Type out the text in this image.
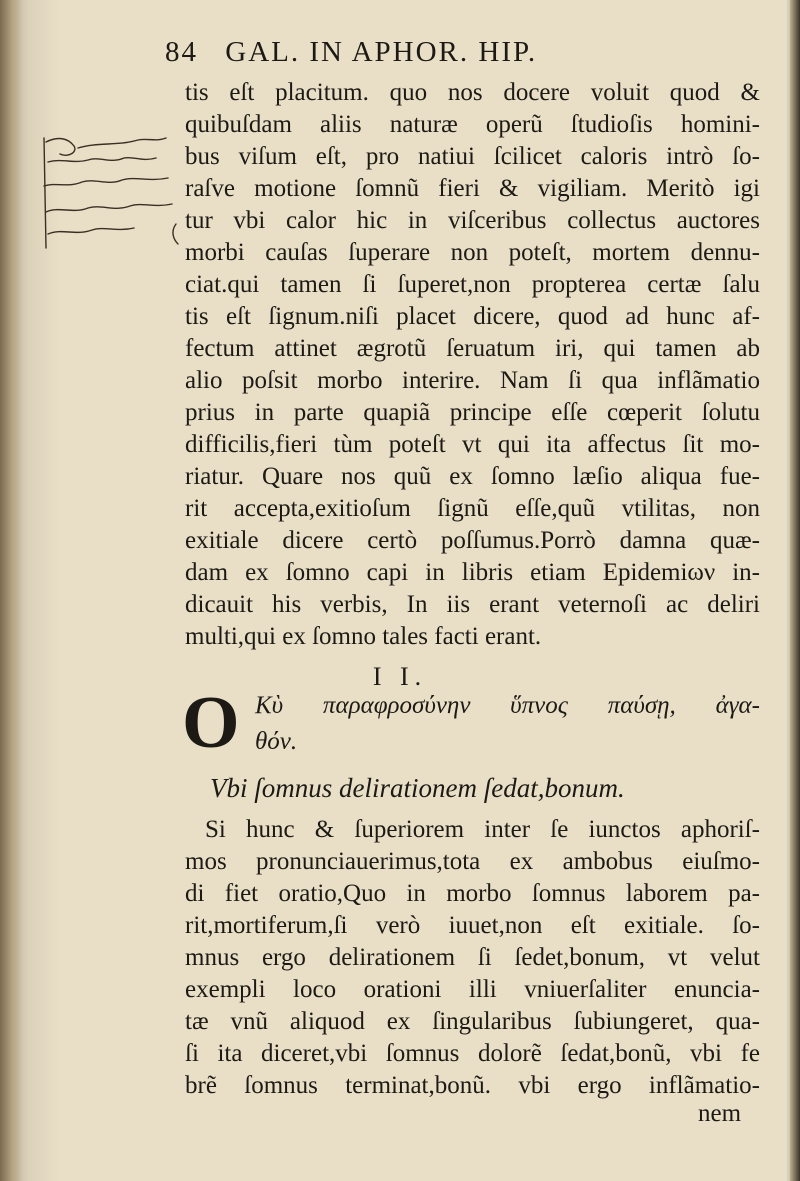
84 GAL. IN APHOR. HIP.
tis eſt placitum. quo nos docere voluit quod &
quibuſdam aliis naturæ operũ ſtudioſis homini-
bus viſum eſt, pro natiui ſcilicet caloris intrò ſo-
raſve motione ſomnũ fieri & vigiliam. Meritò igi
tur vbi calor hic in viſceribus collectus auctores
morbi cauſas ſuperare non poteſt, mortem dennu-
ciat.qui tamen ſi ſuperet,non propterea certæ ſalu
tis eſt ſignum.niſi placet dicere, quod ad hunc af-
fectum attinet ægrotũ ſeruatum iri, qui tamen ab
alio poſsit morbo interire. Nam ſi qua inflãmatio
prius in parte quapiã principe eſſe cœperit ſolutu
difficilis,fieri tùm poteſt vt qui ita affectus ſit mo-
riatur. Quare nos quũ ex ſomno læſio aliqua fue-
rit accepta,exitioſum ſignũ eſſe,quũ vtilitas, non
exitiale dicere certò poſſumus.Porrò damna quæ-
dam ex ſomno capi in libris etiam Epidemiων in-
dicauit his verbis, In iis erant veternoſi ac deliri
multi,qui ex ſomno tales facti erant.
I I.
O Κὺ παραφροσύνην ὕπνος παύσῃ, ἀγα-
θόν.
Vbi ſomnus delirationem ſedat,bonum.
Si hunc & ſuperiorem inter ſe iunctos aphoriſ-
mos pronunciauerimus,tota ex ambobus eiuſmo-
di fiet oratio,Quo in morbo ſomnus laborem pa-
rit,mortiferum,ſi verò iuuet,non eſt exitiale. ſo-
mnus ergo delirationem ſi ſedet,bonum, vt velut
exempli loco orationi illi vniuerſaliter enuncia-
tæ vnũ aliquod ex ſingularibus ſubiungeret, qua-
ſi ita diceret,vbi ſomnus dolorẽ ſedat,bonũ, vbi fe
brẽ ſomnus terminat,bonũ. vbi ergo inflãmatio-
nem
